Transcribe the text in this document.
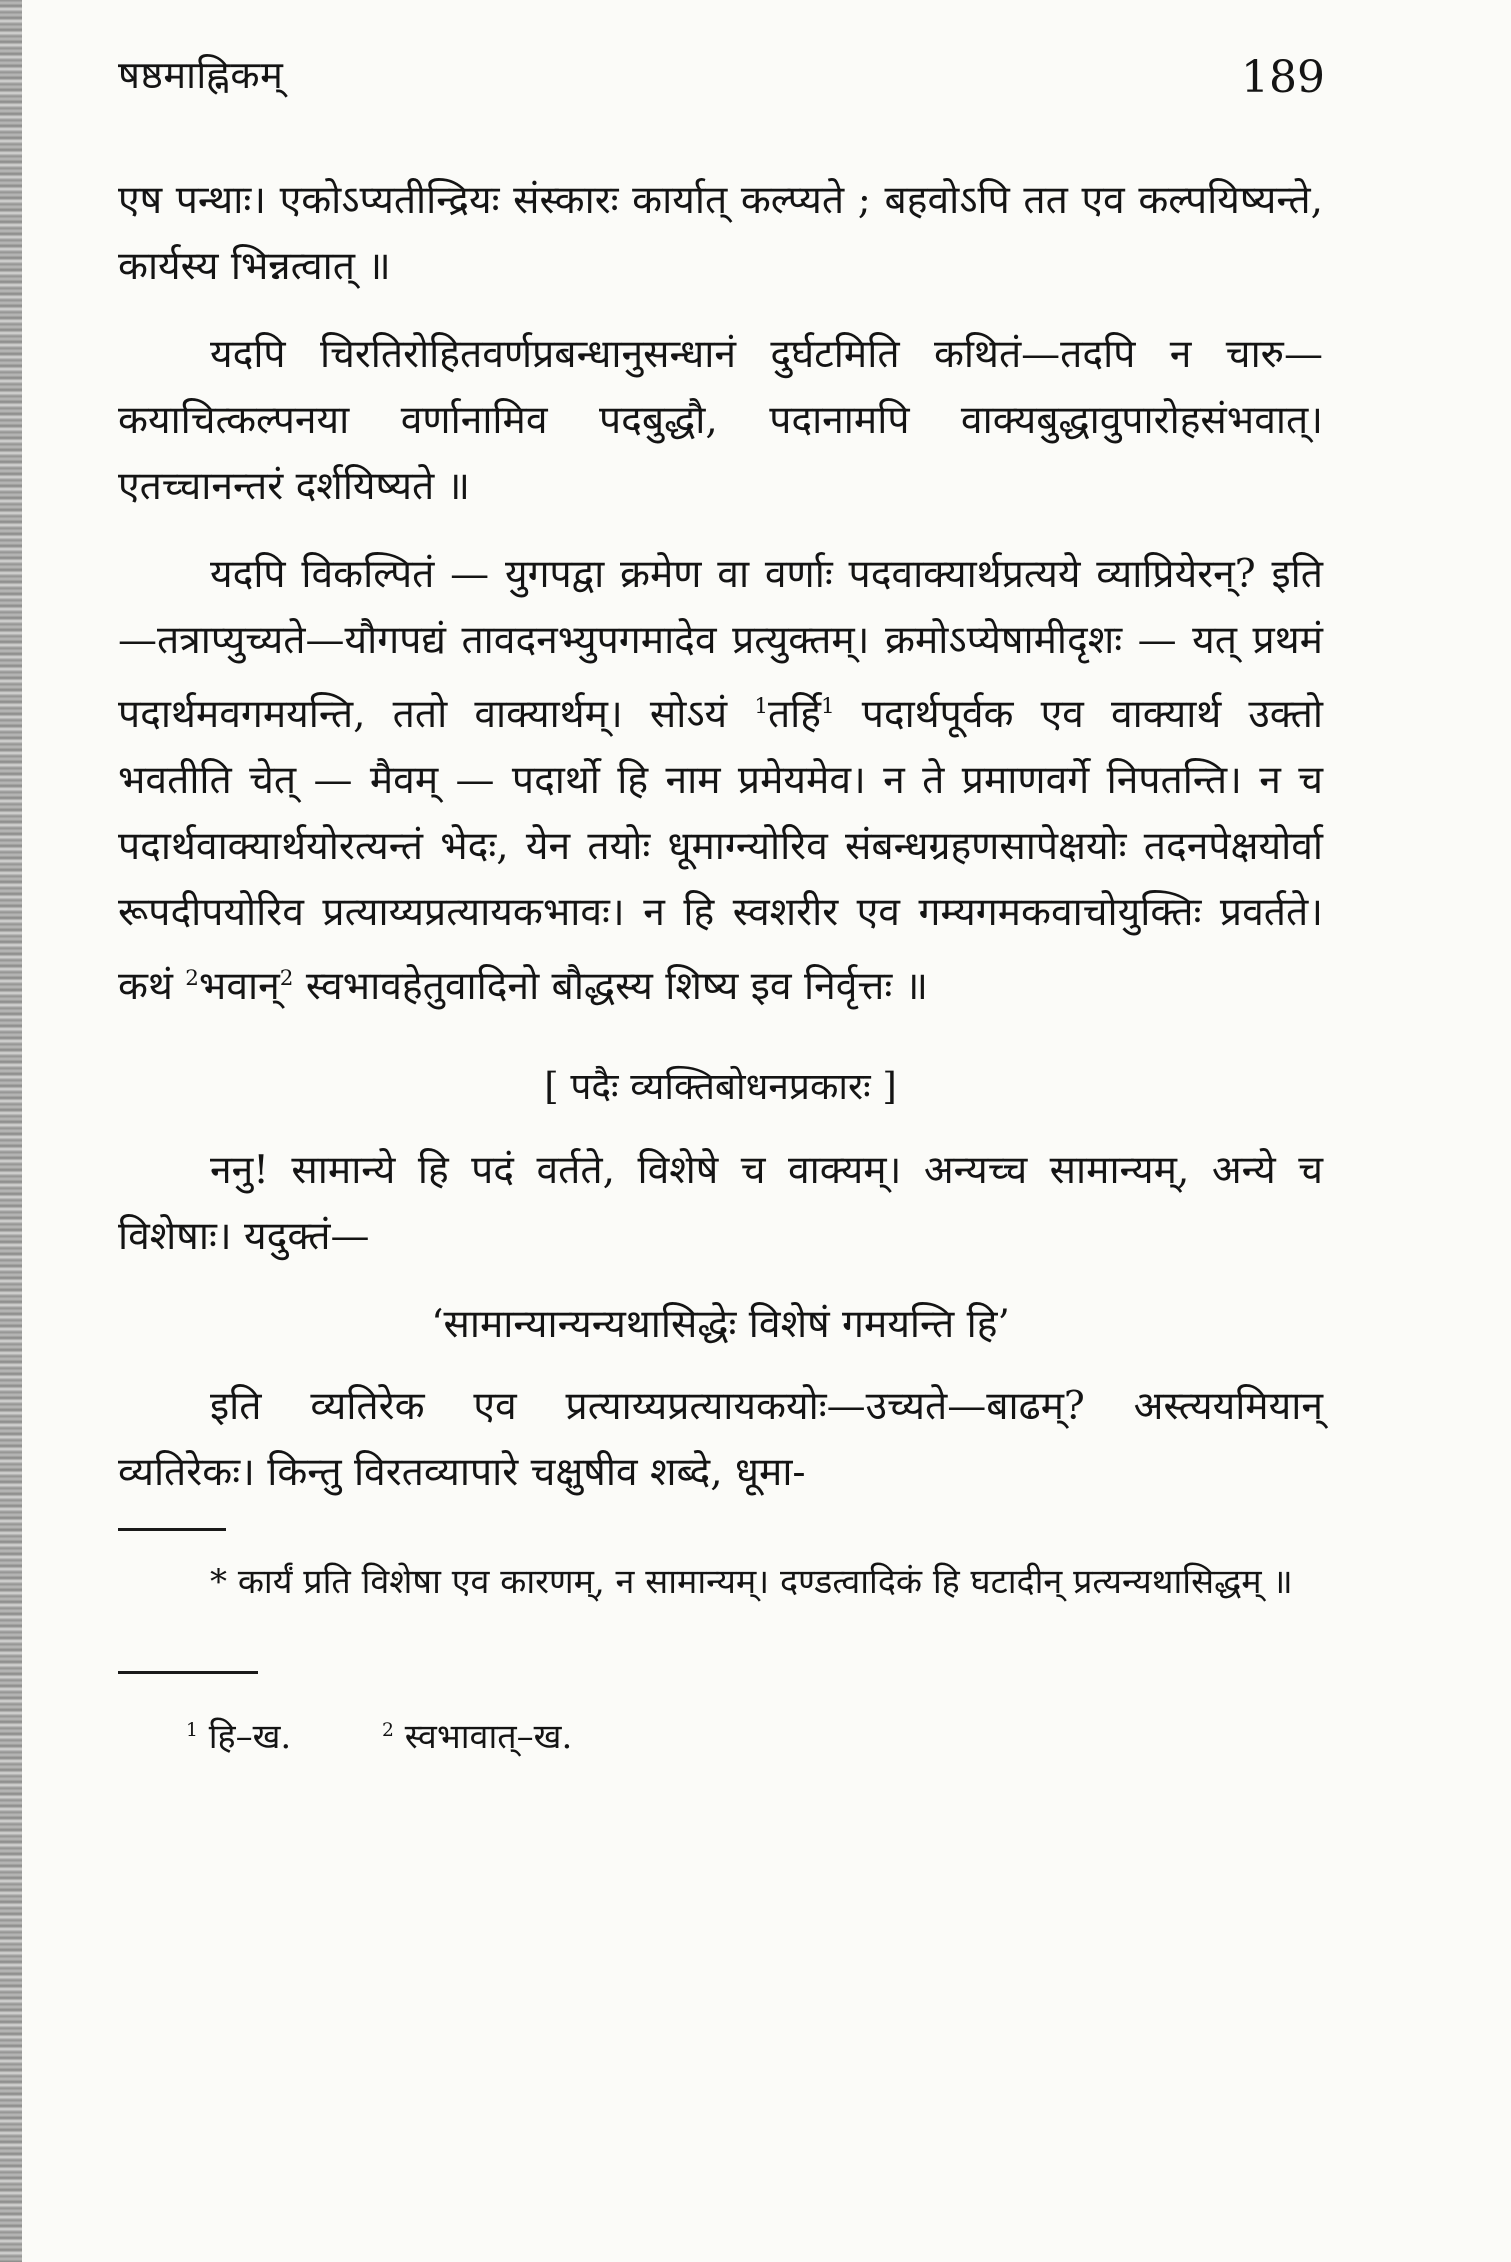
षष्ठमाह्निकम्	189

एष पन्थाः। एकोऽप्यतीन्द्रियः संस्कारः कार्यात् कल्प्यते ; बहवोऽपि तत एव कल्पयिष्यन्ते, कार्यस्य भिन्नत्वात् ॥

यदपि चिरतिरोहितवर्णप्रबन्धानुसन्धानं दुर्घटमिति कथितं—तदपि न चारु—कयाचित्कल्पनया वर्णानामिव पदबुद्धौ, पदानामपि वाक्यबुद्धावुपारोहसंभवात्। एतच्चानन्तरं दर्शयिष्यते ॥

यदपि विकल्पितं — युगपद्वा क्रमेण वा वर्णाः पदवाक्यार्थप्रत्यये व्याप्रियेरन्? इति—तत्राप्युच्यते—यौगपद्यं तावदनभ्युपगमादेव प्रत्युक्तम्। क्रमोऽप्येषामीदृशः — यत् प्रथमं पदार्थमवगमयन्ति, ततो वाक्यार्थम्। सोऽयं $^1$तर्हि$^1$ पदार्थपूर्वक एव वाक्यार्थ उक्तो भवतीति चेत् — मैवम् — पदार्थो हि नाम प्रमेयमेव। न ते प्रमाणवर्गे निपतन्ति। न च पदार्थवाक्यार्थयोरत्यन्तं भेदः, येन तयोः धूमाग्न्योरिव संबन्धग्रहणसापेक्षयोः तदनपेक्षयोर्वा रूपदीपयोरिव प्रत्याय्यप्रत्यायकभावः। न हि स्वशरीर एव गम्यगमकवाचोयुक्तिः प्रवर्तते। कथं $^2$भवान्$^2$ स्वभावहेतुवादिनो बौद्धस्य शिष्य इव निर्वृत्तः ॥

[ पदैः व्यक्तिबोधनप्रकारः ]

ननु! सामान्ये हि पदं वर्तते, विशेषे च वाक्यम्। अन्यच्च सामान्यम्, अन्ये च विशेषाः। यदुक्तं—

‘सामान्यान्यन्यथासिद्धेः विशेषं गमयन्ति हि’

इति व्यतिरेक एव प्रत्याय्यप्रत्यायकयोः—उच्यते—बाढम्? अस्त्ययमियान् व्यतिरेकः। किन्तु विरतव्यापारे चक्षुषीव शब्दे, धूमा-

* कार्यं प्रति विशेषा एव कारणम्, न सामान्यम्। दण्डत्वादिकं हि घटादीन् प्रत्यन्यथासिद्धम् ॥

$^1$ हि–ख.	$^2$ स्वभावात्–ख.
